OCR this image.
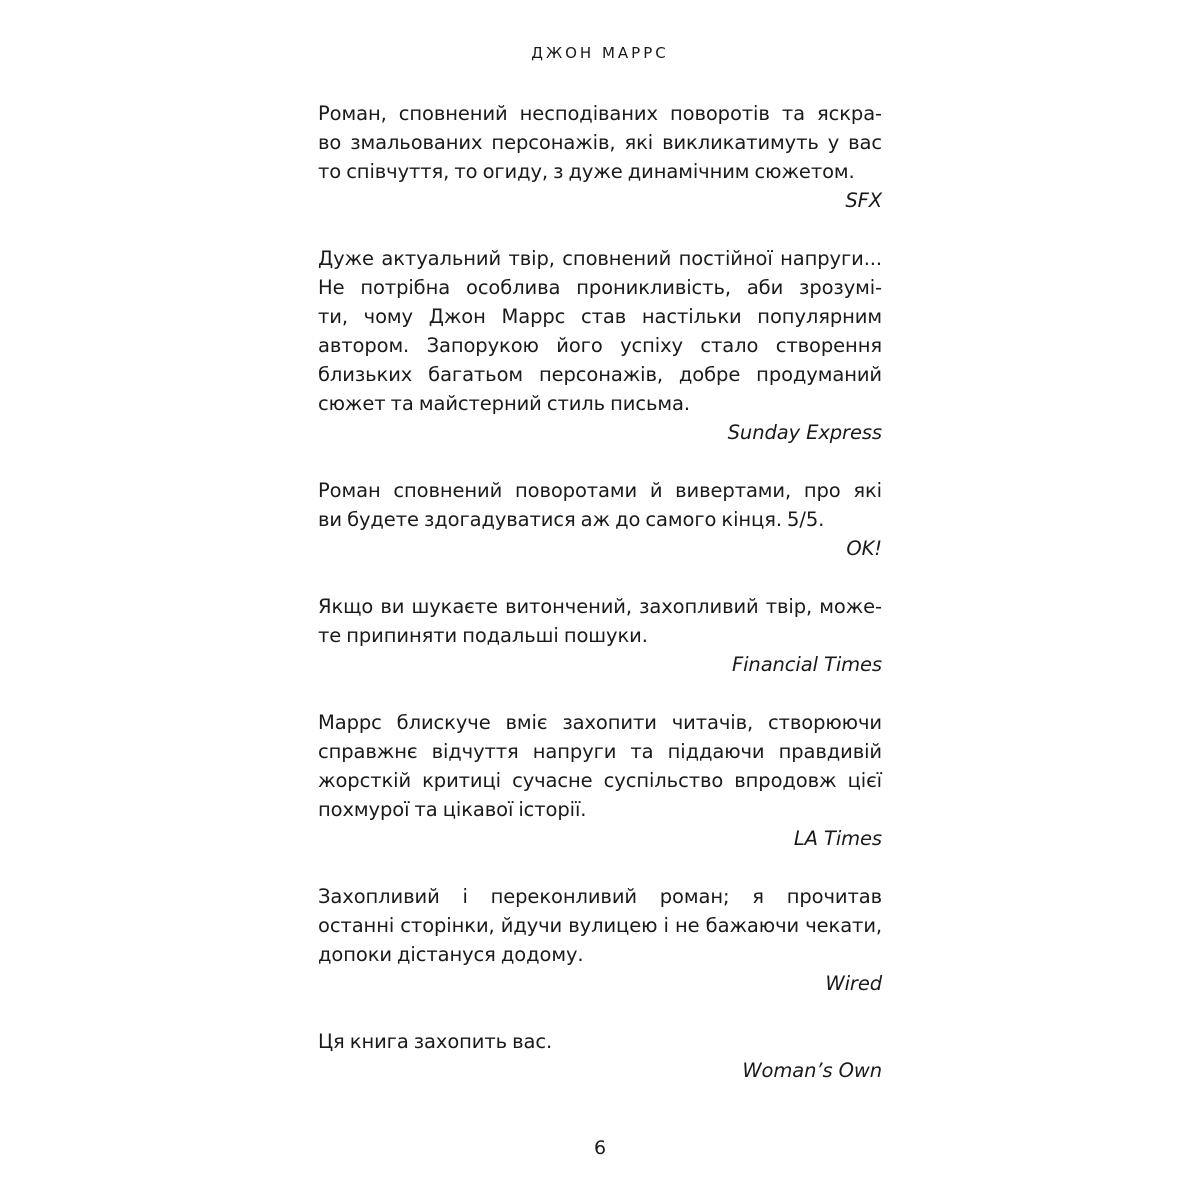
ДЖОН МАРРС
Роман, сповнений несподіваних поворотів та яскра-
во змальованих персонажів, які викликатимуть у вас
то співчуття, то огиду, з дуже динамічним сюжетом.
SFX
Дуже актуальний твір, сповнений постійної напруги...
Не потрібна особлива проникливість, аби зрозумі-
ти, чому Джон Маррс став настільки популярним
автором. Запорукою його успіху стало створення
близьких багатьом персонажів, добре продуманий
сюжет та майстерний стиль письма.
Sunday Express
Роман сповнений поворотами й вивертами, про які
ви будете здогадуватися аж до самого кінця. 5/5.
OK!
Якщо ви шукаєте витончений, захопливий твір, може-
те припиняти подальші пошуки.
Financial Times
Маррс блискуче вміє захопити читачів, створюючи
справжнє відчуття напруги та піддаючи правдивій
жорсткій критиці сучасне суспільство впродовж цієї
похмурої та цікавої історії.
LA Times
Захопливий і переконливий роман; я прочитав
останні сторінки, йдучи вулицею і не бажаючи чекати,
допоки дістануся додому.
Wired
Ця книга захопить вас.
Woman’s Own
6
